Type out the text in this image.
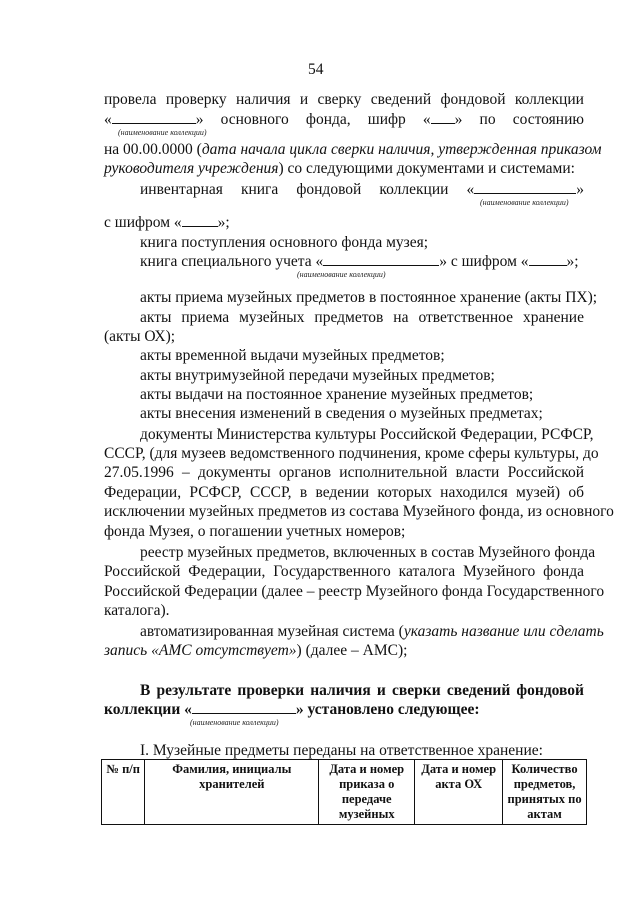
54
провела проверку наличия и сверку сведений фондовой коллекции
«	» основного фонда, шифр « » по состоянию
(наименование коллекции)
на 00.00.0000 (дата начала цикла сверки наличия, утвержденная приказом
руководителя учреждения) со следующими документами и системами:
инвентарная книга фондовой коллекции «	»
(наименование коллекции)
с шифром « »;
книга поступления основного фонда музея;
книга специального учета «	» с шифром « »;
(наименование коллекции)
акты приема музейных предметов в постоянное хранение (акты ПХ);
акты приема музейных предметов на ответственное хранение
(акты ОХ);
акты временной выдачи музейных предметов;
акты внутримузейной передачи музейных предметов;
акты выдачи на постоянное хранение музейных предметов;
акты внесения изменений в сведения о музейных предметах;
документы Министерства культуры Российской Федерации, РСФСР,
СССР, (для музеев ведомственного подчинения, кроме сферы культуры, до
27.05.1996 – документы органов исполнительной власти Российской
Федерации, РСФСР, СССР, в ведении которых находился музей) об
исключении музейных предметов из состава Музейного фонда, из основного
фонда Музея, о погашении учетных номеров;
реестр музейных предметов, включенных в состав Музейного фонда
Российской Федерации, Государственного каталога Музейного фонда
Российской Федерации (далее – реестр Музейного фонда Государственного
каталога).
автоматизированная музейная система (указать название или сделать
запись «АМС отсутствует») (далее – АМС);
В результате проверки наличия и сверки сведений фондовой
коллекции «	» установлено следующее:
(наименование коллекции)
I. Музейные предметы переданы на ответственное хранение:
№ п/п	Фамилия, инициалы хранителей	Дата и номер приказа о передаче музейных	Дата и номер акта ОХ	Количество предметов, принятых по актам
